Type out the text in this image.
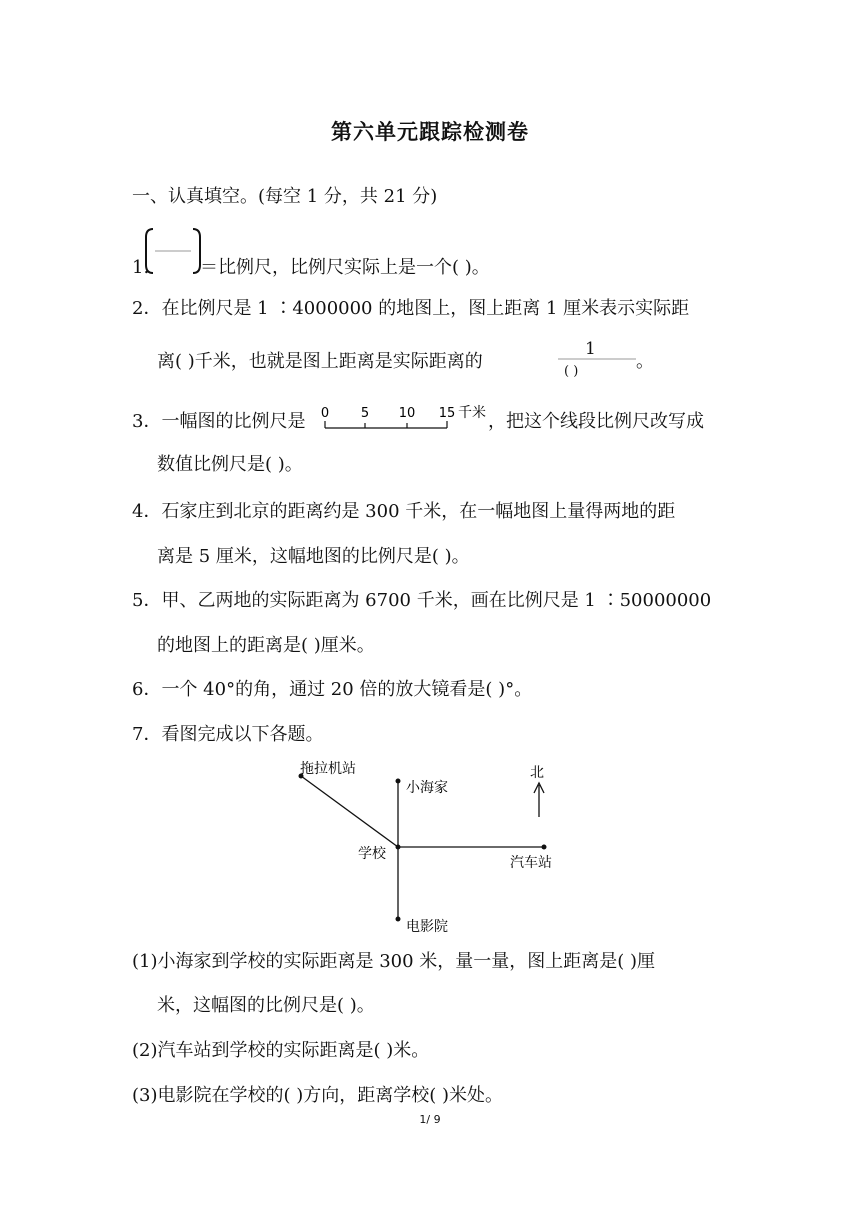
第六单元跟踪检测卷
一、认真填空。(每空 1 分，共 21 分)
1.	＝比例尺，比例尺实际上是一个( )。
2．在比例尺是 1 ∶4000000 的地图上，图上距离 1 厘米表示实际距
离( )千米，也就是图上距离是实际距离的
1
( )	。
3．一幅图的比例尺是 0 5 10 15 千米 ，把这个线段比例尺改写成
数值比例尺是( )。
4．石家庄到北京的距离约是 300 千米，在一幅地图上量得两地的距
离是 5 厘米，这幅地图的比例尺是( )。
5．甲、乙两地的实际距离为 6700 千米，画在比例尺是 1 ∶50000000
的地图上的距离是( )厘米。
6．一个 40°的角，通过 20 倍的放大镜看是( )°。
7．看图完成以下各题。
拖拉机站
小海家
北
学校
汽车站
电影院
(1)小海家到学校的实际距离是 300 米，量一量，图上距离是( )厘
米，这幅图的比例尺是( )。
(2)汽车站到学校的实际距离是( )米。
(3)电影院在学校的( )方向，距离学校( )米处。
1/ 9
